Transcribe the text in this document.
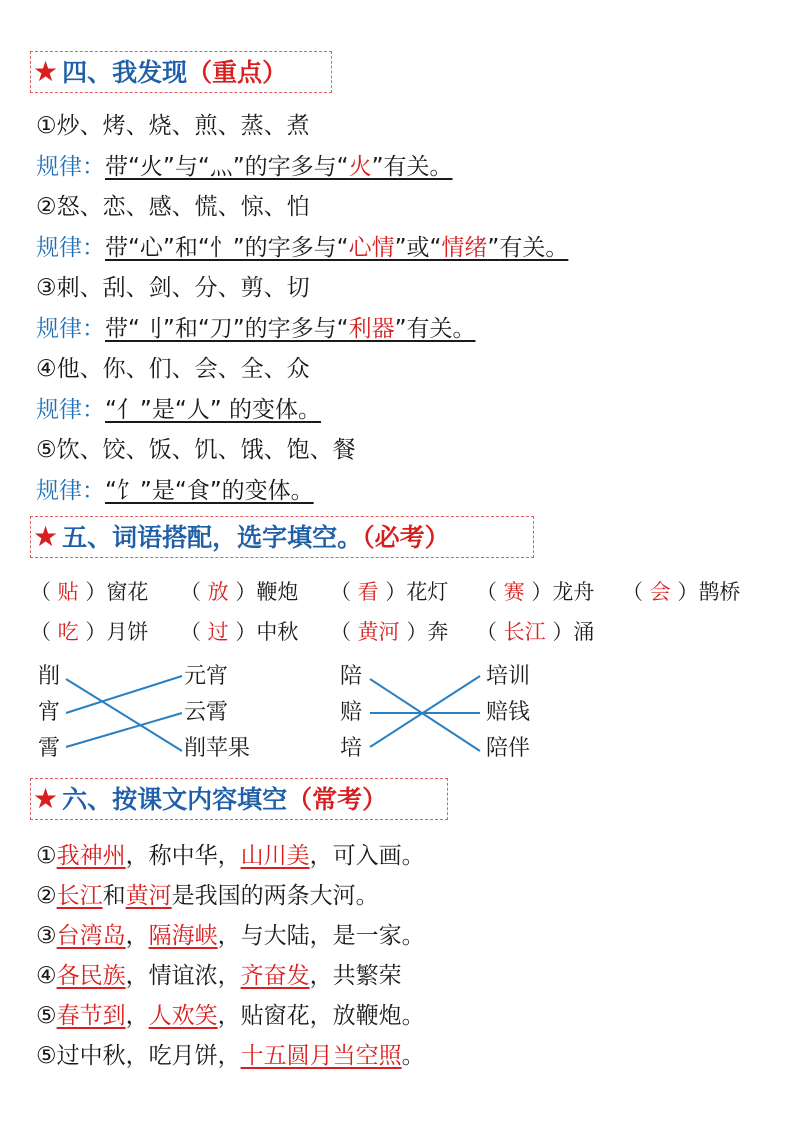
★ 四、我发现（重点）
①炒、烤、烧、煎、蒸、煮
规律：带“火”与“灬”的字多与“火”有关。
②怒、恋、感、慌、惊、怕
规律：带“心”和“忄”的字多与“心情”或“情绪”有关。
③刺、刮、剑、分、剪、切
规律：带“刂”和“刀”的字多与“利器”有关。
④他、你、们、会、全、众
规律：“亻”是“人” 的变体。
⑤饮、饺、饭、饥、饿、饱、餐
规律：“饣”是“食”的变体。
★ 五、词语搭配，选字填空。（必考）
（ 贴 ）窗花 （ 放 ）鞭炮 （ 看 ）花灯 （ 赛 ）龙舟 （ 会 ）鹊桥
（ 吃 ）月饼 （ 过 ）中秋 （ 黄河 ）奔 （ 长江 ）涌
削
宵
霄
元宵
云霄
削苹果
陪
赔
培
培训
赔钱
陪伴
★ 六、按课文内容填空（常考）
①我神州，称中华，山川美，可入画。
②长江和黄河是我国的两条大河。
③台湾岛，隔海峡，与大陆，是一家。
④各民族，情谊浓，齐奋发，共繁荣
⑤春节到，人欢笑，贴窗花，放鞭炮。
⑤过中秋，吃月饼，十五圆月当空照。
